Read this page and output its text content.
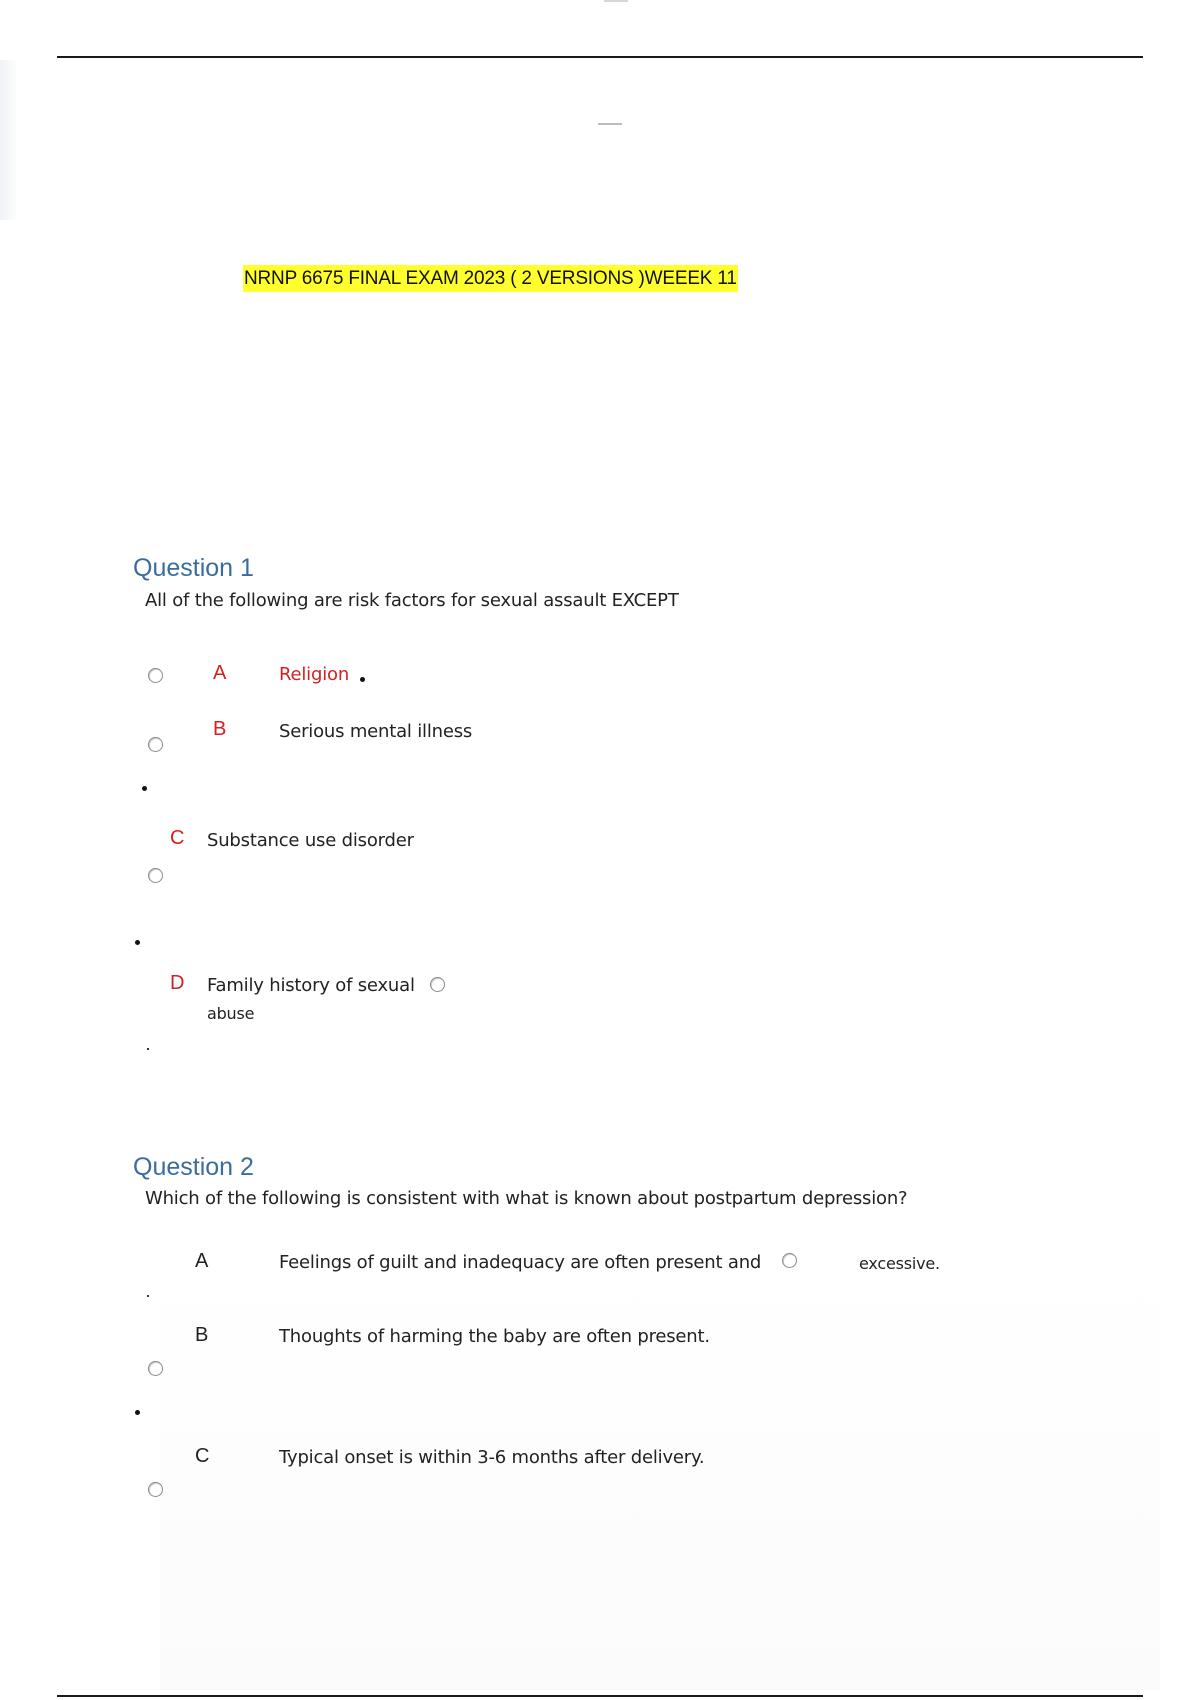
NRNP 6675 FINAL EXAM 2023 ( 2 VERSIONS )WEEEK 11
Question 1
All of the following are risk factors for sexual assault EXCEPT
A	Religion
B	Serious mental illness
C Substance use disorder
D Family history of sexual
abuse
Question 2
Which of the following is consistent with what is known about postpartum depression?
A	Feelings of guilt and inadequacy are often present and	excessive.
B	Thoughts of harming the baby are often present.
C	Typical onset is within 3-6 months after delivery.
